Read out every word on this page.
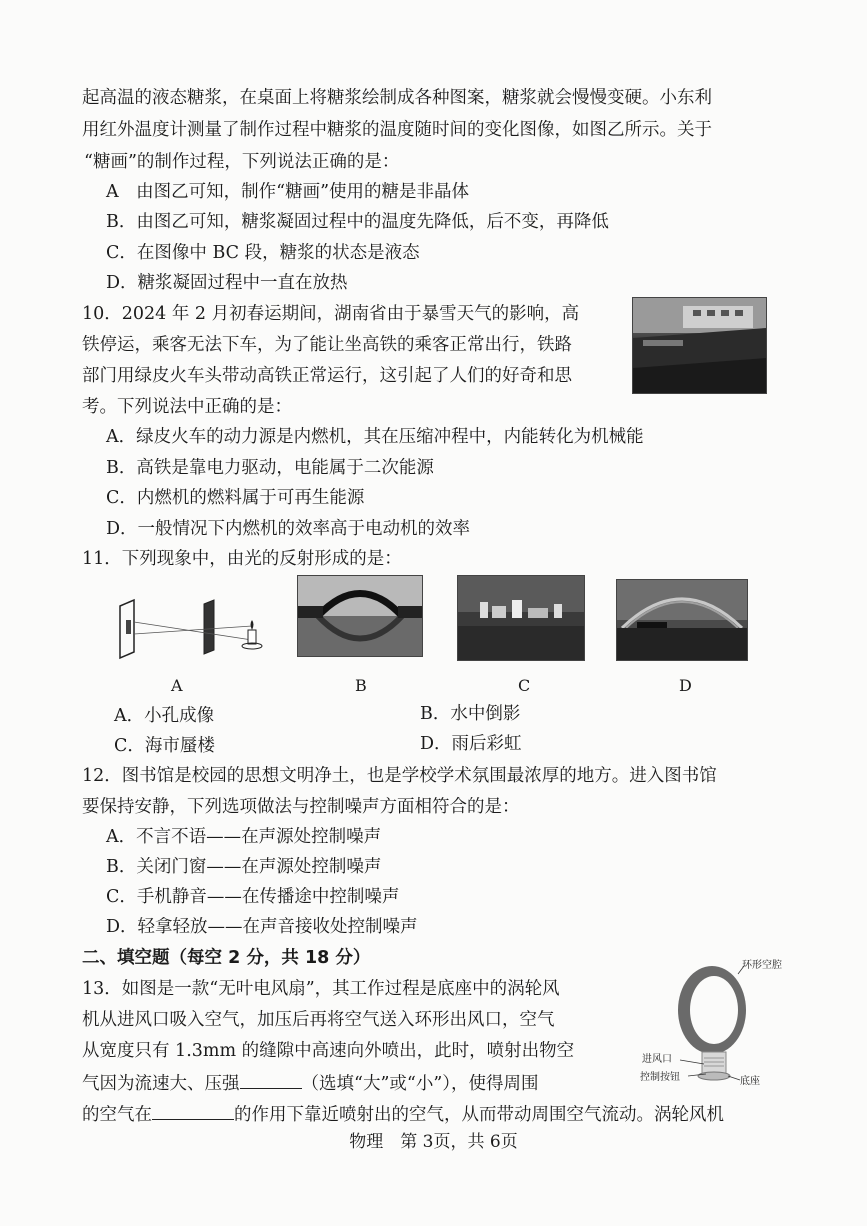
起高温的液态糖浆，在桌面上将糖浆绘制成各种图案，糖浆就会慢慢变硬。小东利
用红外温度计测量了制作过程中糖浆的温度随时间的变化图像，如图乙所示。关于
“糖画”的制作过程，下列说法正确的是：
A　由图乙可知，制作“糖画”使用的糖是非晶体
B．由图乙可知，糖浆凝固过程中的温度先降低，后不变，再降低
C．在图像中 BC 段，糖浆的状态是液态
D．糖浆凝固过程中一直在放热
10．2024 年 2 月初春运期间，湖南省由于暴雪天气的影响，高
铁停运，乘客无法下车，为了能让坐高铁的乘客正常出行，铁路
部门用绿皮火车头带动高铁正常运行，这引起了人们的好奇和思
考。下列说法中正确的是：
A．绿皮火车的动力源是内燃机，其在压缩冲程中，内能转化为机械能
B．高铁是靠电力驱动，电能属于二次能源
C．内燃机的燃料属于可再生能源
D．一般情况下内燃机的效率高于电动机的效率
11．下列现象中，由光的反射形成的是：
A	B	C	D
A．小孔成像	B．水中倒影
C．海市蜃楼	D．雨后彩虹
12．图书馆是校园的思想文明净土，也是学校学术氛围最浓厚的地方。进入图书馆
要保持安静，下列选项做法与控制噪声方面相符合的是：
A．不言不语——在声源处控制噪声
B．关闭门窗——在声源处控制噪声
C．手机静音——在传播途中控制噪声
D．轻拿轻放——在声音接收处控制噪声
二、填空题（每空 2 分，共 18 分）
13．如图是一款“无叶电风扇”，其工作过程是底座中的涡轮风
机从进风口吸入空气，加压后再将空气送入环形出风口，空气
从宽度只有 1.3mm 的缝隙中高速向外喷出，此时，喷射出物空
气因为流速大、压强	（选填“大”或“小”），使得周围
的空气在	的作用下靠近喷射出的空气，从而带动周围空气流动。涡轮风机
环形空腔
进风口
控制按钮	底座
物理　第 3页，共 6页
